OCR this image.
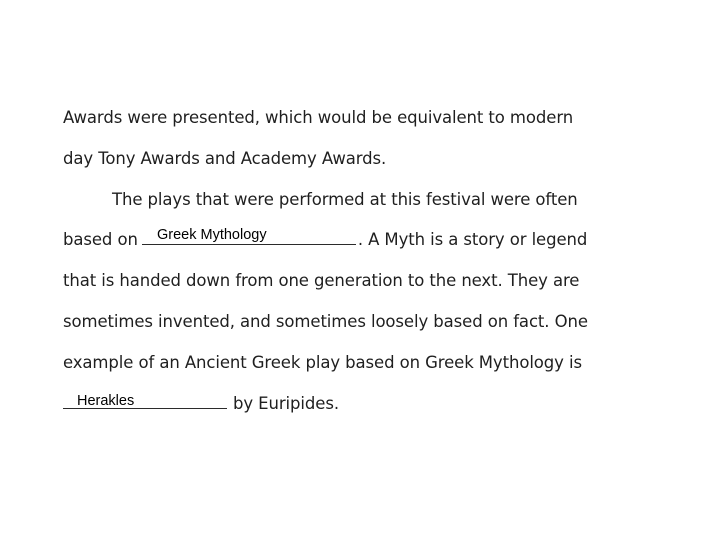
Awards were presented, which would be equivalent to modern
day Tony Awards and Academy Awards.
The plays that were performed at this festival were often
based on	. A Myth is a story or legend
that is handed down from one generation to the next. They are
sometimes invented, and sometimes loosely based on fact. One
example of an Ancient Greek play based on Greek Mythology is
by Euripides.
Greek Mythology
Herakles
